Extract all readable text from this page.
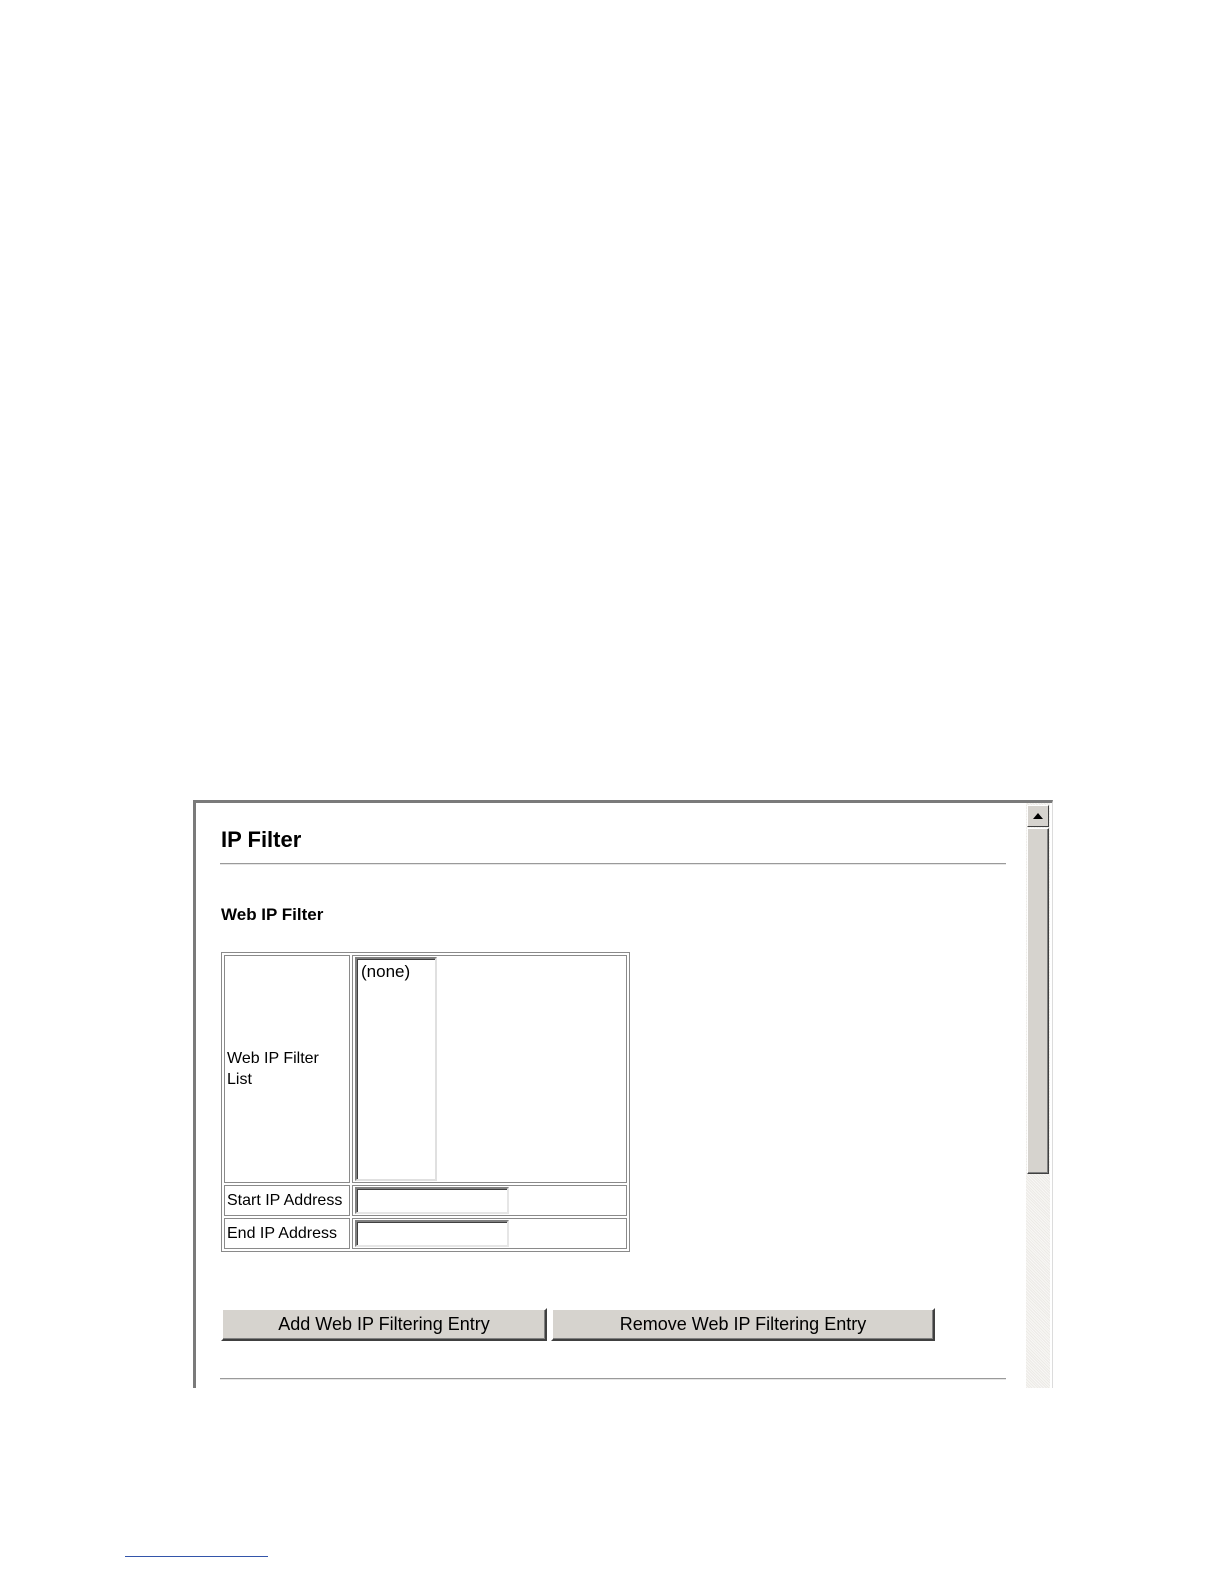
IP Filter
Web IP Filter
Web IP Filter List	(none)

Start IP Address	
End IP Address	
Add Web IP Filtering Entry	Remove Web IP Filtering Entry
